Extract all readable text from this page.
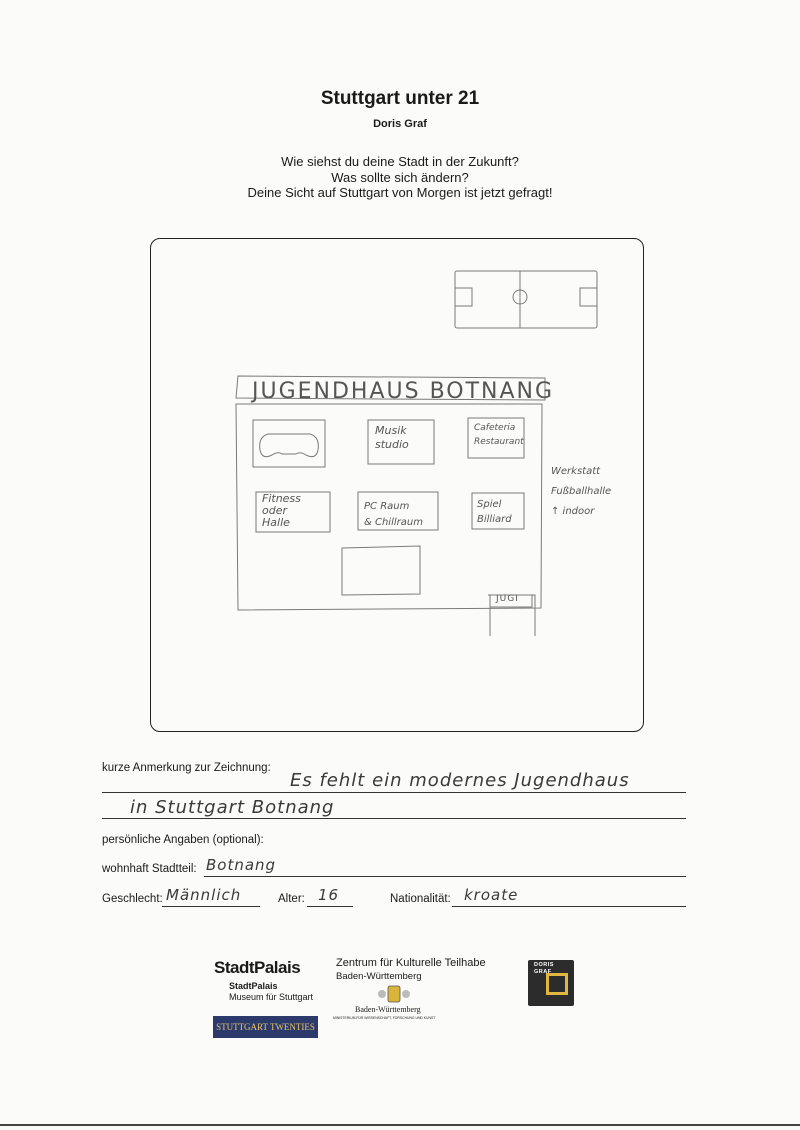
Stuttgart unter 21
Doris Graf
Wie siehst du deine Stadt in der Zukunft?
Was sollte sich ändern?
Deine Sicht auf Stuttgart von Morgen ist jetzt gefragt!
JUGENDHAUS BOTNANG
Musik
studio
Cafeteria
Restaurant
Fitness
oder
Halle
PC Raum
& Chillraum
Spiel
Billiard
Werkstatt
Fußballhalle
↑ indoor
JUGI
kurze Anmerkung zur Zeichnung:
Es fehlt ein modernes Jugendhaus
in Stuttgart Botnang
persönliche Angaben (optional):
wohnhaft Stadtteil: Botnang
Geschlecht: Männlich	Alter: 16	Nationalität: kroate
StadtPalais
StadtPalais
Museum für Stuttgart
STUTTGART TWENTIES
Zentrum für Kulturelle Teilhabe
Baden-Württemberg
Baden-Württemberg
MINISTERIUM FÜR WISSENSCHAFT, FORSCHUNG UND KUNST
DORIS GRAF
